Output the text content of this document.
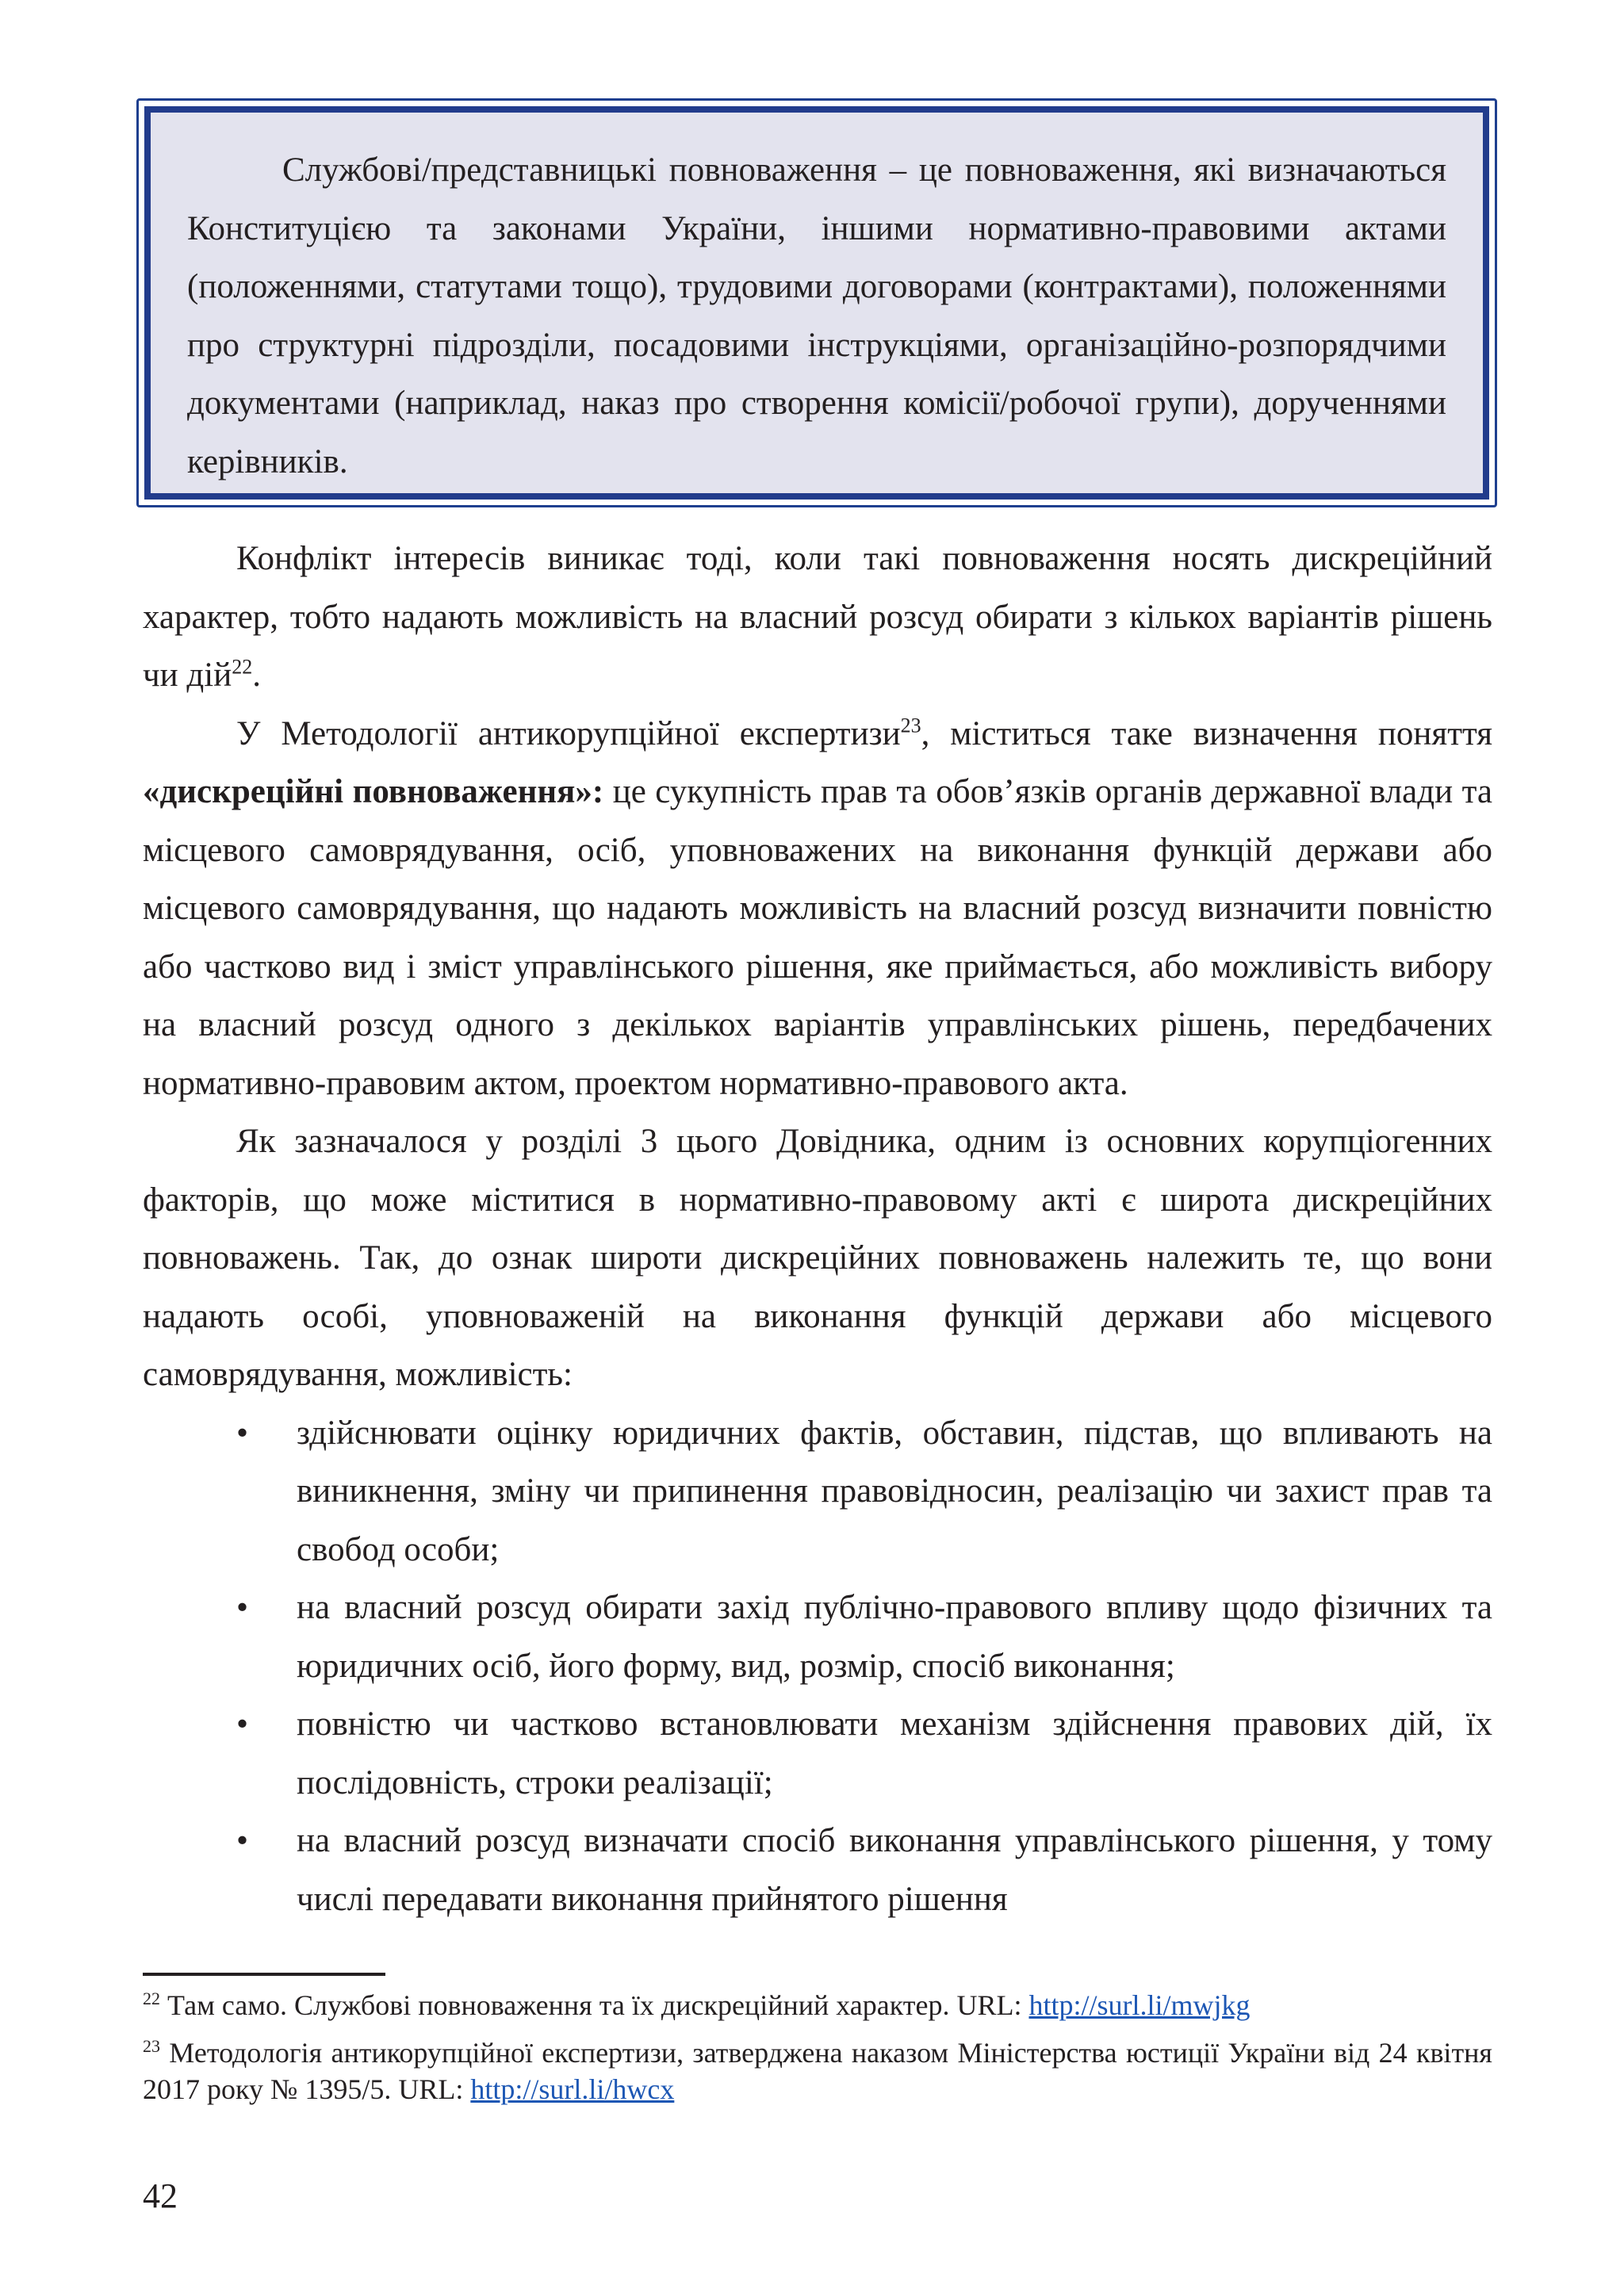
Службові/представницькі повноваження – це повноваження, які визначаються Конституцією та законами України, іншими нормативно-правовими актами (положеннями, статутами тощо), трудовими договорами (контрактами), положеннями про структурні підрозділи, посадовими інструкціями, організаційно-розпорядчими документами (наприклад, наказ про створення комісії/робочої групи), дорученнями керівників.

Конфлікт інтересів виникає тоді, коли такі повноваження носять дискреційний характер, тобто надають можливість на власний розсуд обирати з кількох варіантів рішень чи дій$^{22}$.

У Методології антикорупційної експертизи$^{23}$, міститься таке визначення поняття «дискреційні повноваження»: це сукупність прав та обов’язків органів державної влади та місцевого самоврядування, осіб, уповноважених на виконання функцій держави або місцевого самоврядування, що надають можливість на власний розсуд визначити повністю або частково вид і зміст управлінського рішення, яке приймається, або можливість вибору на власний розсуд одного з декількох варіантів управлінських рішень, передбачених нормативно-правовим актом, проектом нормативно-правового акта.

Як зазначалося у розділі 3 цього Довідника, одним із основних корупціогенних факторів, що може міститися в нормативно-правовому акті є широта дискреційних повноважень. Так, до ознак широти дискреційних повноважень належить те, що вони надають особі, уповноваженій на виконання функцій держави або місцевого самоврядування, можливість:

• здійснювати оцінку юридичних фактів, обставин, підстав, що впливають на виникнення, зміну чи припинення правовідносин, реалізацію чи захист прав та свобод особи;
• на власний розсуд обирати захід публічно-правового впливу щодо фізичних та юридичних осіб, його форму, вид, розмір, спосіб виконання;
• повністю чи частково встановлювати механізм здійснення правових дій, їх послідовність, строки реалізації;
• на власний розсуд визначати спосіб виконання управлінського рішення, у тому числі передавати виконання прийнятого рішення

$^{22}$ Там само. Службові повноваження та їх дискреційний характер. URL: http://surl.li/mwjkg

$^{23}$ Методологія антикорупційної експертизи, затверджена наказом Міністерства юстиції України від 24 квітня 2017 року № 1395/5. URL: http://surl.li/hwcx

42
